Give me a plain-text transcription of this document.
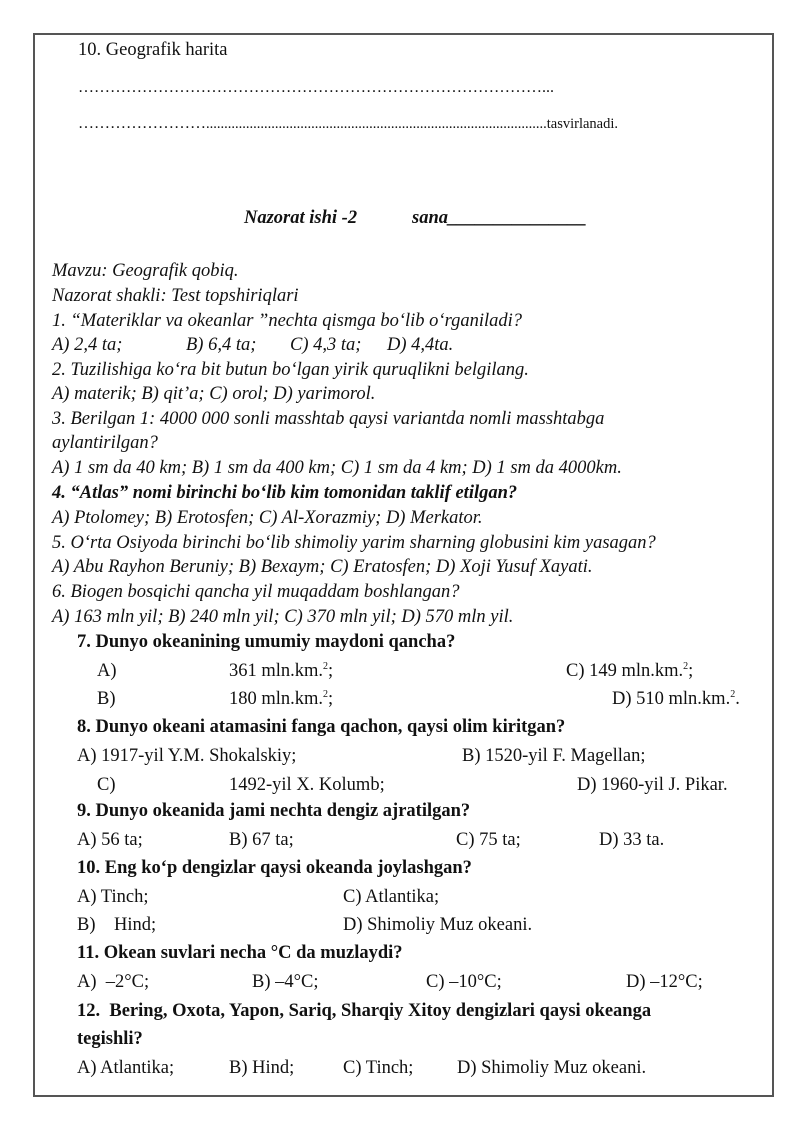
10. Geografik harita
……………………………………………………………………………...
……………………..............................................................................................tasvirlanadi.
Nazorat ishi -2	sana_______________
Mavzu: Geografik qobiq.
Nazorat shakli: Test topshiriqlari
1. “Materiklar va okeanlar ”nechta qismga bo‘lib o‘rganiladi?
A) 2,4 ta;	B) 6,4 ta; C) 4,3 ta; D) 4,4ta.
2. Tuzilishiga ko‘ra bit butun bo‘lgan yirik quruqlikni belgilang.
A) materik; B) qit’a; C) orol; D) yarimorol.
3. Berilgan 1: 4000 000 sonli masshtab qaysi variantda nomli masshtabga
aylantirilgan?
A) 1 sm da 40 km; B) 1 sm da 400 km; C) 1 sm da 4 km; D) 1 sm da 4000km.
4. “Atlas” nomi birinchi bo‘lib kim tomonidan taklif etilgan?
A) Ptolomey; B) Erotosfen; C) Al-Xorazmiy; D) Merkator.
5. O‘rta Osiyoda birinchi bo‘lib shimoliy yarim sharning globusini kim yasagan?
A) Abu Rayhon Beruniy; B) Bexaym; C) Eratosfen; D) Xoji Yusuf Xayati.
6. Biogen bosqichi qancha yil muqaddam boshlangan?
A) 163 mln yil; B) 240 mln yil; C) 370 mln yil; D) 570 mln yil.
7. Dunyo okeanining umumiy maydoni qancha?
A)	361 mln.km.$^2$;	C) 149 mln.km.$^2$;
B)	180 mln.km.$^2$;	D) 510 mln.km.$^2$.
8. Dunyo okeani atamasini fanga qachon, qaysi olim kiritgan?
A) 1917-yil Y.M. Shokalskiy;	B) 1520-yil F. Magellan;
C)	1492-yil X. Kolumb;	D) 1960-yil J. Pikar.
9. Dunyo okeanida jami nechta dengiz ajratilgan?
A) 56 ta;	B) 67 ta;	C) 75 ta;	D) 33 ta.
10. Eng ko‘p dengizlar qaysi okeanda joylashgan?
A) Tinch;	C) Atlantika;
B)    Hind;	D) Shimoliy Muz okeani.
11. Okean suvlari necha °C da muzlaydi?
A)  –2°C;	B) –4°C;	C) –10°C;	D) –12°C;
12.  Bering, Oxota, Yapon, Sariq, Sharqiy Xitoy dengizlari qaysi okeanga
tegishli?
A) Atlantika;	B) Hind;	C) Tinch; D) Shimoliy Muz okeani.
